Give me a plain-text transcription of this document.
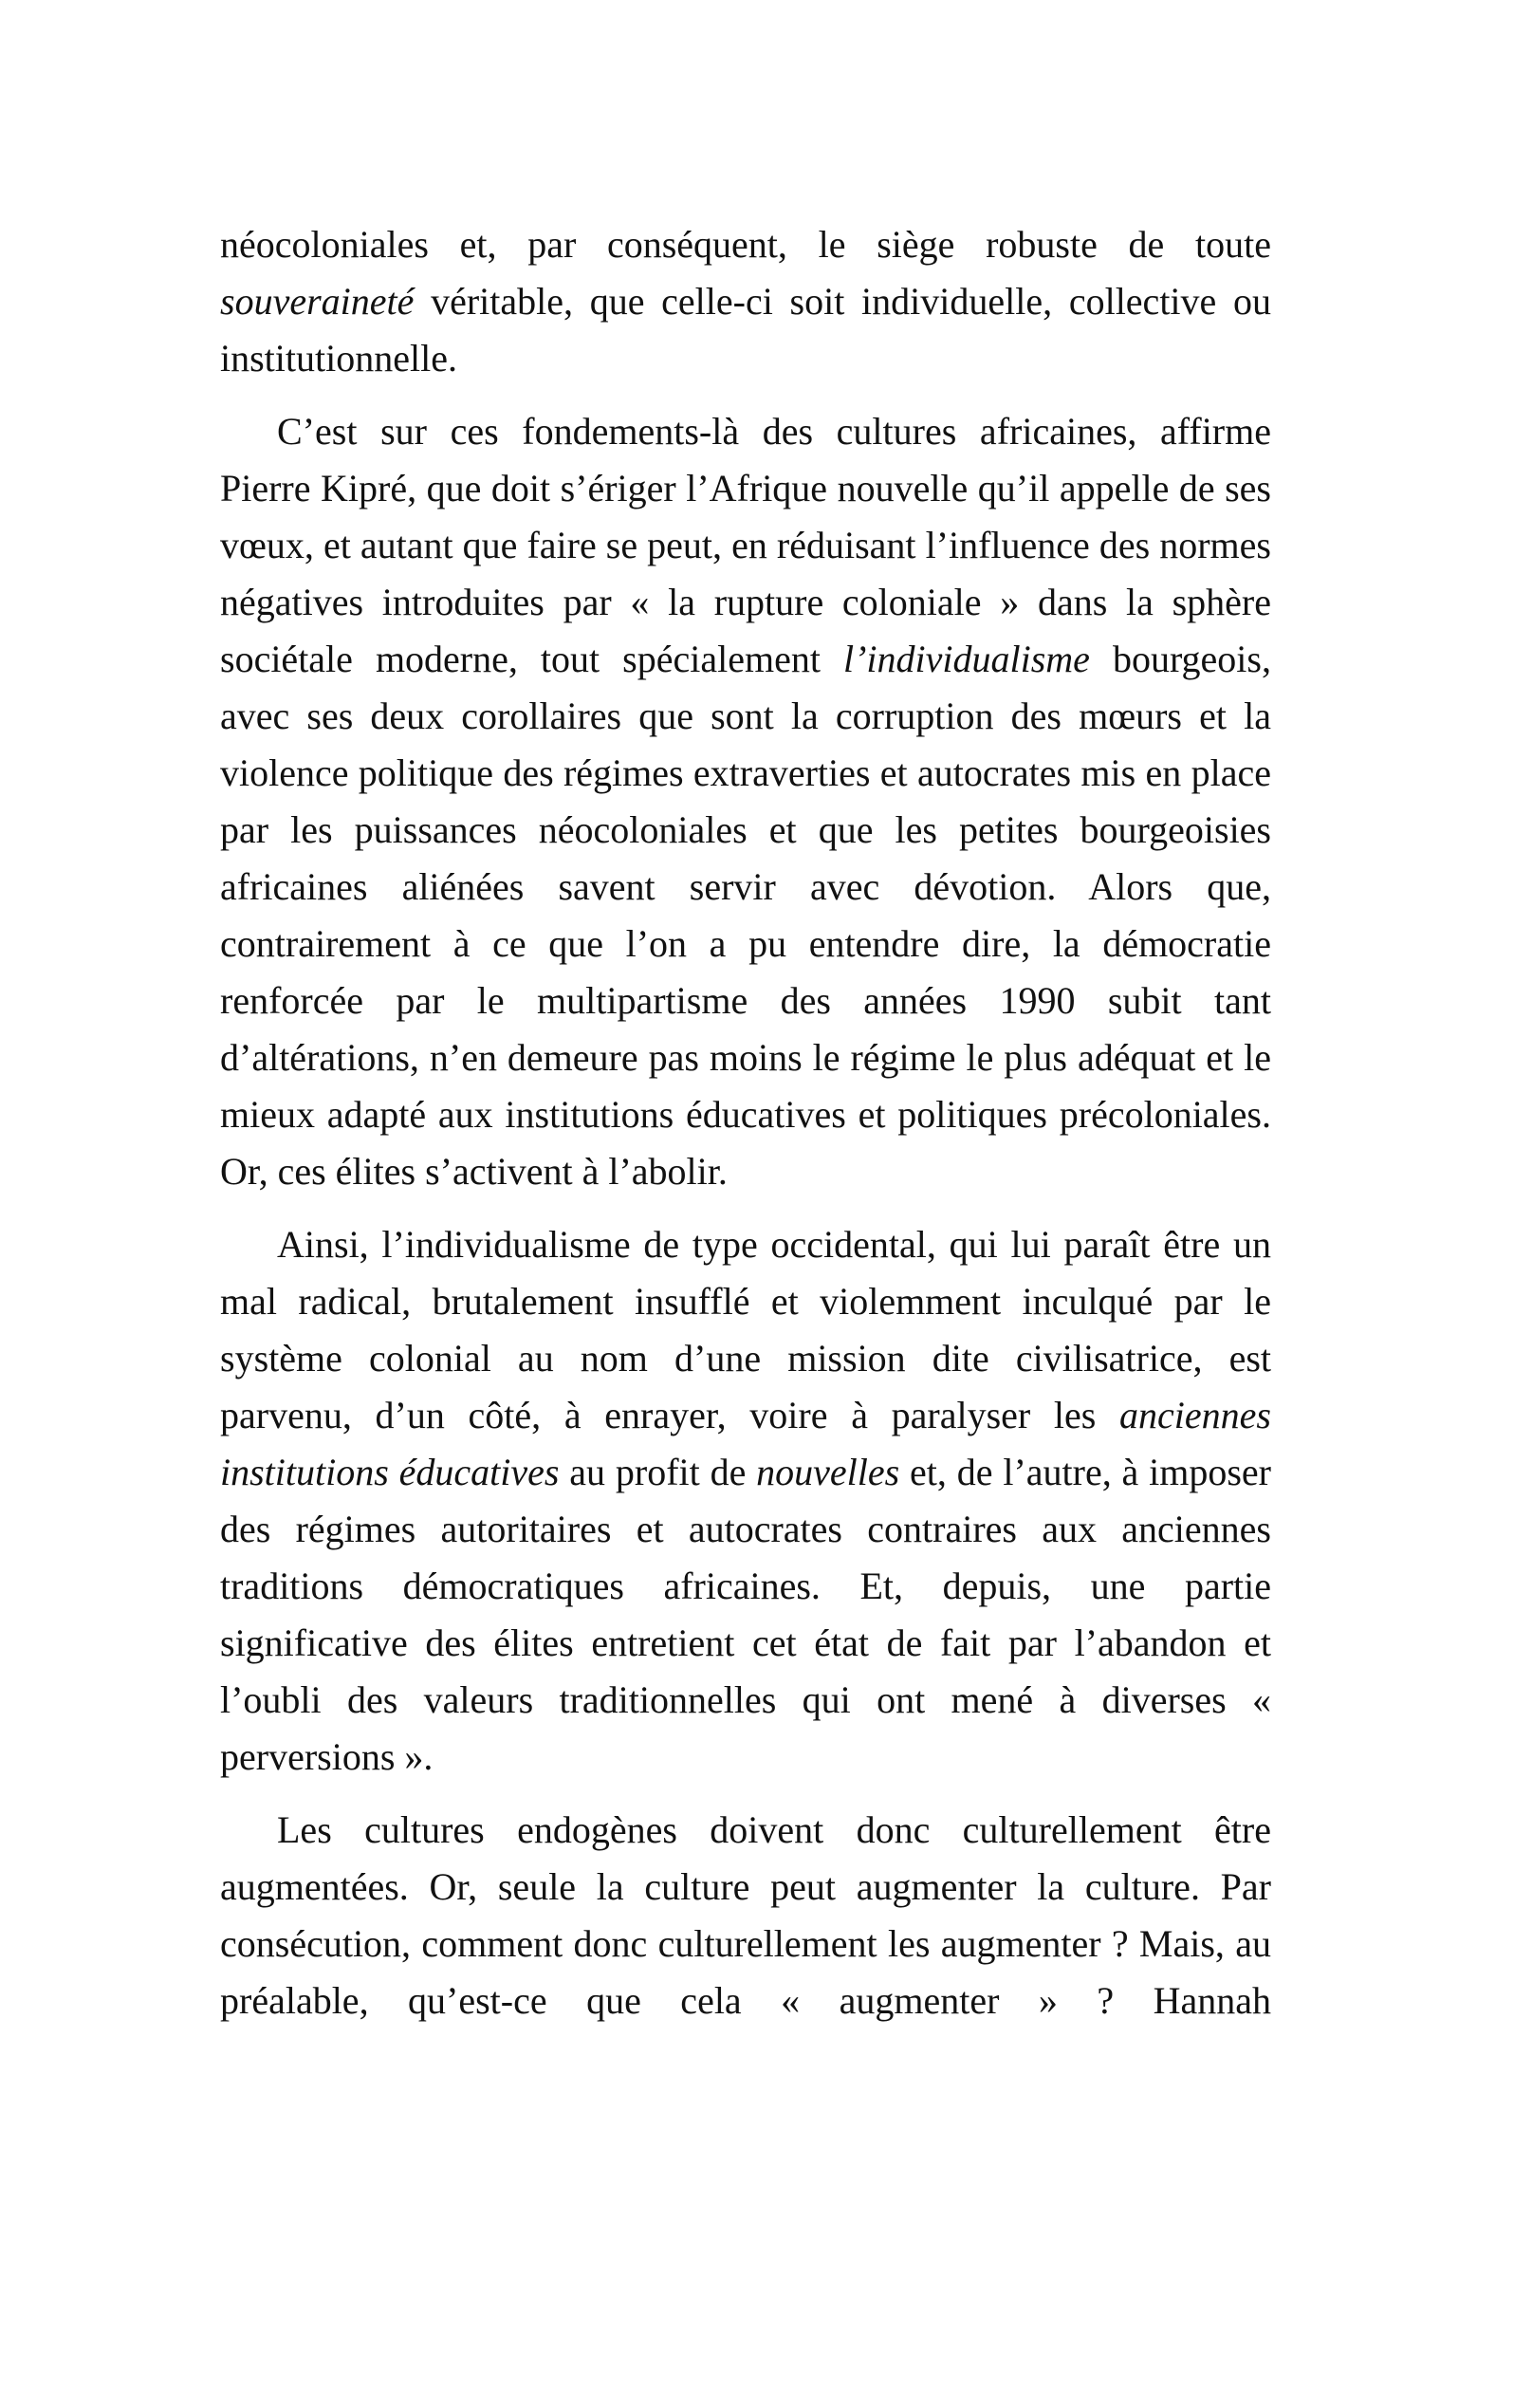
néocoloniales et, par conséquent, le siège robuste de toute souveraineté véritable, que celle-ci soit individuelle, collective ou institutionnelle.

C’est sur ces fondements-là des cultures africaines, affirme Pierre Kipré, que doit s’ériger l’Afrique nouvelle qu’il appelle de ses vœux, et autant que faire se peut, en réduisant l’influence des normes négatives introduites par « la rupture coloniale » dans la sphère sociétale moderne, tout spécialement l’individualisme bourgeois, avec ses deux corollaires que sont la corruption des mœurs et la violence politique des régimes extraverties et autocrates mis en place par les puissances néocoloniales et que les petites bourgeoisies africaines aliénées savent servir avec dévotion. Alors que, contrairement à ce que l’on a pu entendre dire, la démocratie renforcée par le multipartisme des années 1990 subit tant d’altérations, n’en demeure pas moins le régime le plus adéquat et le mieux adapté aux institutions éducatives et politiques précoloniales. Or, ces élites s’activent à l’abolir.

Ainsi, l’individualisme de type occidental, qui lui paraît être un mal radical, brutalement insufflé et violemment inculqué par le système colonial au nom d’une mission dite civilisatrice, est parvenu, d’un côté, à enrayer, voire à paralyser les anciennes institutions éducatives au profit de nouvelles et, de l’autre, à imposer des régimes autoritaires et autocrates contraires aux anciennes traditions démocratiques africaines. Et, depuis, une partie significative des élites entretient cet état de fait par l’abandon et l’oubli des valeurs traditionnelles qui ont mené à diverses « perversions ».

Les cultures endogènes doivent donc culturellement être augmentées. Or, seule la culture peut augmenter la culture. Par consécution, comment donc culturellement les augmenter ? Mais, au préalable, qu’est-ce que cela « augmenter » ? Hannah
